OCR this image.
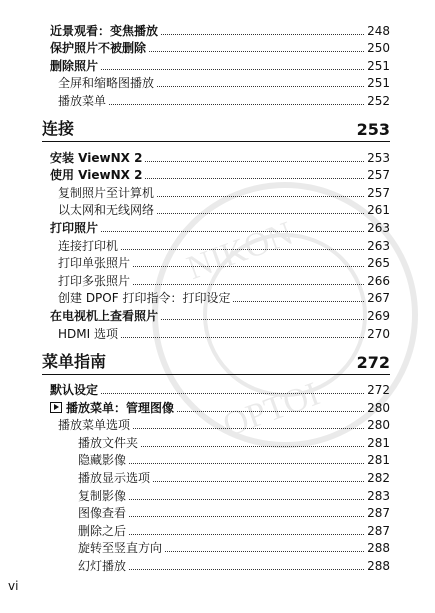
NIKON
OPTOI
近景观看：变焦播放	248
保护照片不被删除	250
删除照片	251
全屏和缩略图播放	251
播放菜单	252
连接	253
安装 ViewNX 2	253
使用 ViewNX 2	257
复制照片至计算机	257
以太网和无线网络	261
打印照片	263
连接打印机	263
打印单张照片	265
打印多张照片	266
创建 DPOF 打印指令：打印设定	267
在电视机上查看照片	269
HDMI 选项	270
菜单指南	272
默认设定	272
播放菜单：管理图像	280
播放菜单选项	280
播放文件夹	281
隐藏影像	281
播放显示选项	282
复制影像	283
图像查看	287
删除之后	287
旋转至竖直方向	288
幻灯播放	288
vi
